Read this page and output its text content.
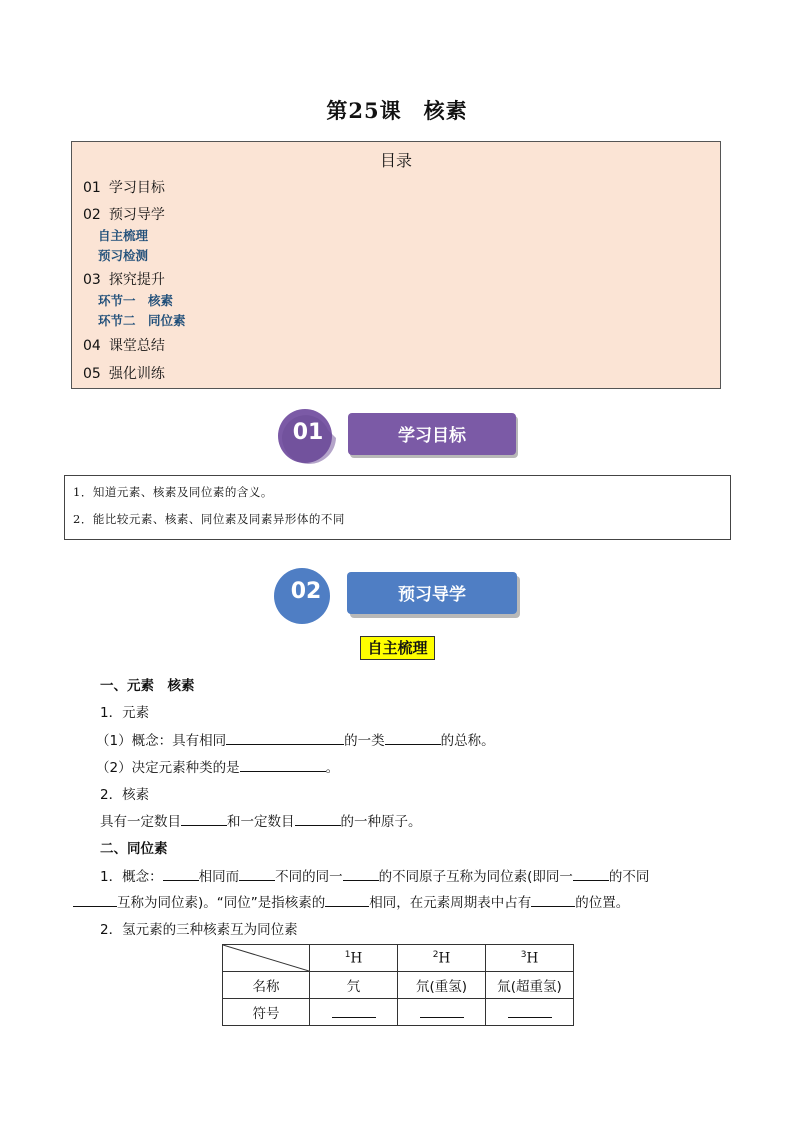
第25课　核素
目录
01 学习目标
02 预习导学
自主梳理
预习检测
03 探究提升
环节一　核素
环节二　同位素
04 课堂总结
05 强化训练
01	学习目标
1．知道元素、核素及同位素的含义。
2．能比较元素、核素、同位素及同素异形体的不同
02	预习导学
自主梳理
一、元素　核素
1．元素
（1）概念：具有相同	的一类	的总称。
（2）决定元素种类的是	。
2．核素
具有一定数目	和一定数目	的一种原子。
二、同位素
1．概念：	相同而	不同的同一	的不同原子互称为同位素(即同一	的不同
互称为同位素)。“同位”是指核素的	相同，在元素周期表中占有	的位置。
2．氢元素的三种核素互为同位素
	$^1$H	$^2$H	$^3$H
名称	氕	氘(重氢)	氚(超重氢)
符号			
